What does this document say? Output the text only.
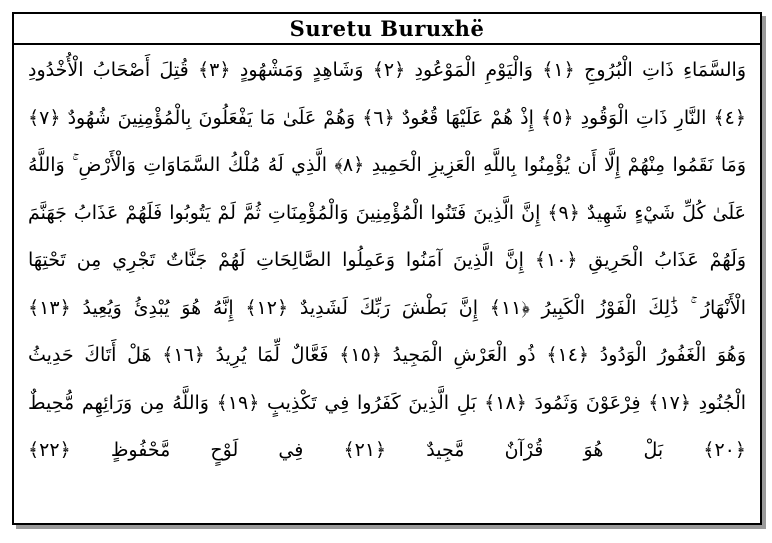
Suretu Buruxhë
وَالسَّمَاءِ ذَاتِ الْبُرُوجِ ﴿١﴾ وَالْيَوْمِ الْمَوْعُودِ ﴿٢﴾ وَشَاهِدٍ وَمَشْهُودٍ ﴿٣﴾ قُتِلَ أَصْحَابُ الْأُخْدُودِ
﴿٤﴾ النَّارِ ذَاتِ الْوَقُودِ ﴿٥﴾ إِذْ هُمْ عَلَيْهَا قُعُودٌ ﴿٦﴾ وَهُمْ عَلَىٰ مَا يَفْعَلُونَ بِالْمُؤْمِنِينَ شُهُودٌ ﴿٧﴾
وَمَا نَقَمُوا مِنْهُمْ إِلَّا أَن يُؤْمِنُوا بِاللَّهِ الْعَزِيزِ الْحَمِيدِ ﴿٨﴾ الَّذِي لَهُ مُلْكُ السَّمَاوَاتِ وَالْأَرْضِ ۚ وَاللَّهُ
عَلَىٰ كُلِّ شَيْءٍ شَهِيدٌ ﴿٩﴾ إِنَّ الَّذِينَ فَتَنُوا الْمُؤْمِنِينَ وَالْمُؤْمِنَاتِ ثُمَّ لَمْ يَتُوبُوا فَلَهُمْ عَذَابُ جَهَنَّمَ
وَلَهُمْ عَذَابُ الْحَرِيقِ ﴿١٠﴾ إِنَّ الَّذِينَ آمَنُوا وَعَمِلُوا الصَّالِحَاتِ لَهُمْ جَنَّاتٌ تَجْرِي مِن تَحْتِهَا
الْأَنْهَارُ ۚ ذَٰلِكَ الْفَوْزُ الْكَبِيرُ ﴿١١﴾ إِنَّ بَطْشَ رَبِّكَ لَشَدِيدٌ ﴿١٢﴾ إِنَّهُ هُوَ يُبْدِئُ وَيُعِيدُ ﴿١٣﴾
وَهُوَ الْغَفُورُ الْوَدُودُ ﴿١٤﴾ ذُو الْعَرْشِ الْمَجِيدُ ﴿١٥﴾ فَعَّالٌ لِّمَا يُرِيدُ ﴿١٦﴾ هَلْ أَتَاكَ حَدِيثُ
الْجُنُودِ ﴿١٧﴾ فِرْعَوْنَ وَثَمُودَ ﴿١٨﴾ بَلِ الَّذِينَ كَفَرُوا فِي تَكْذِيبٍ ﴿١٩﴾ وَاللَّهُ مِن وَرَائِهِم مُّحِيطٌ
﴿٢٠﴾ بَلْ هُوَ قُرْآنٌ مَّجِيدٌ ﴿٢١﴾ فِي لَوْحٍ مَّحْفُوظٍ ﴿٢٢﴾
